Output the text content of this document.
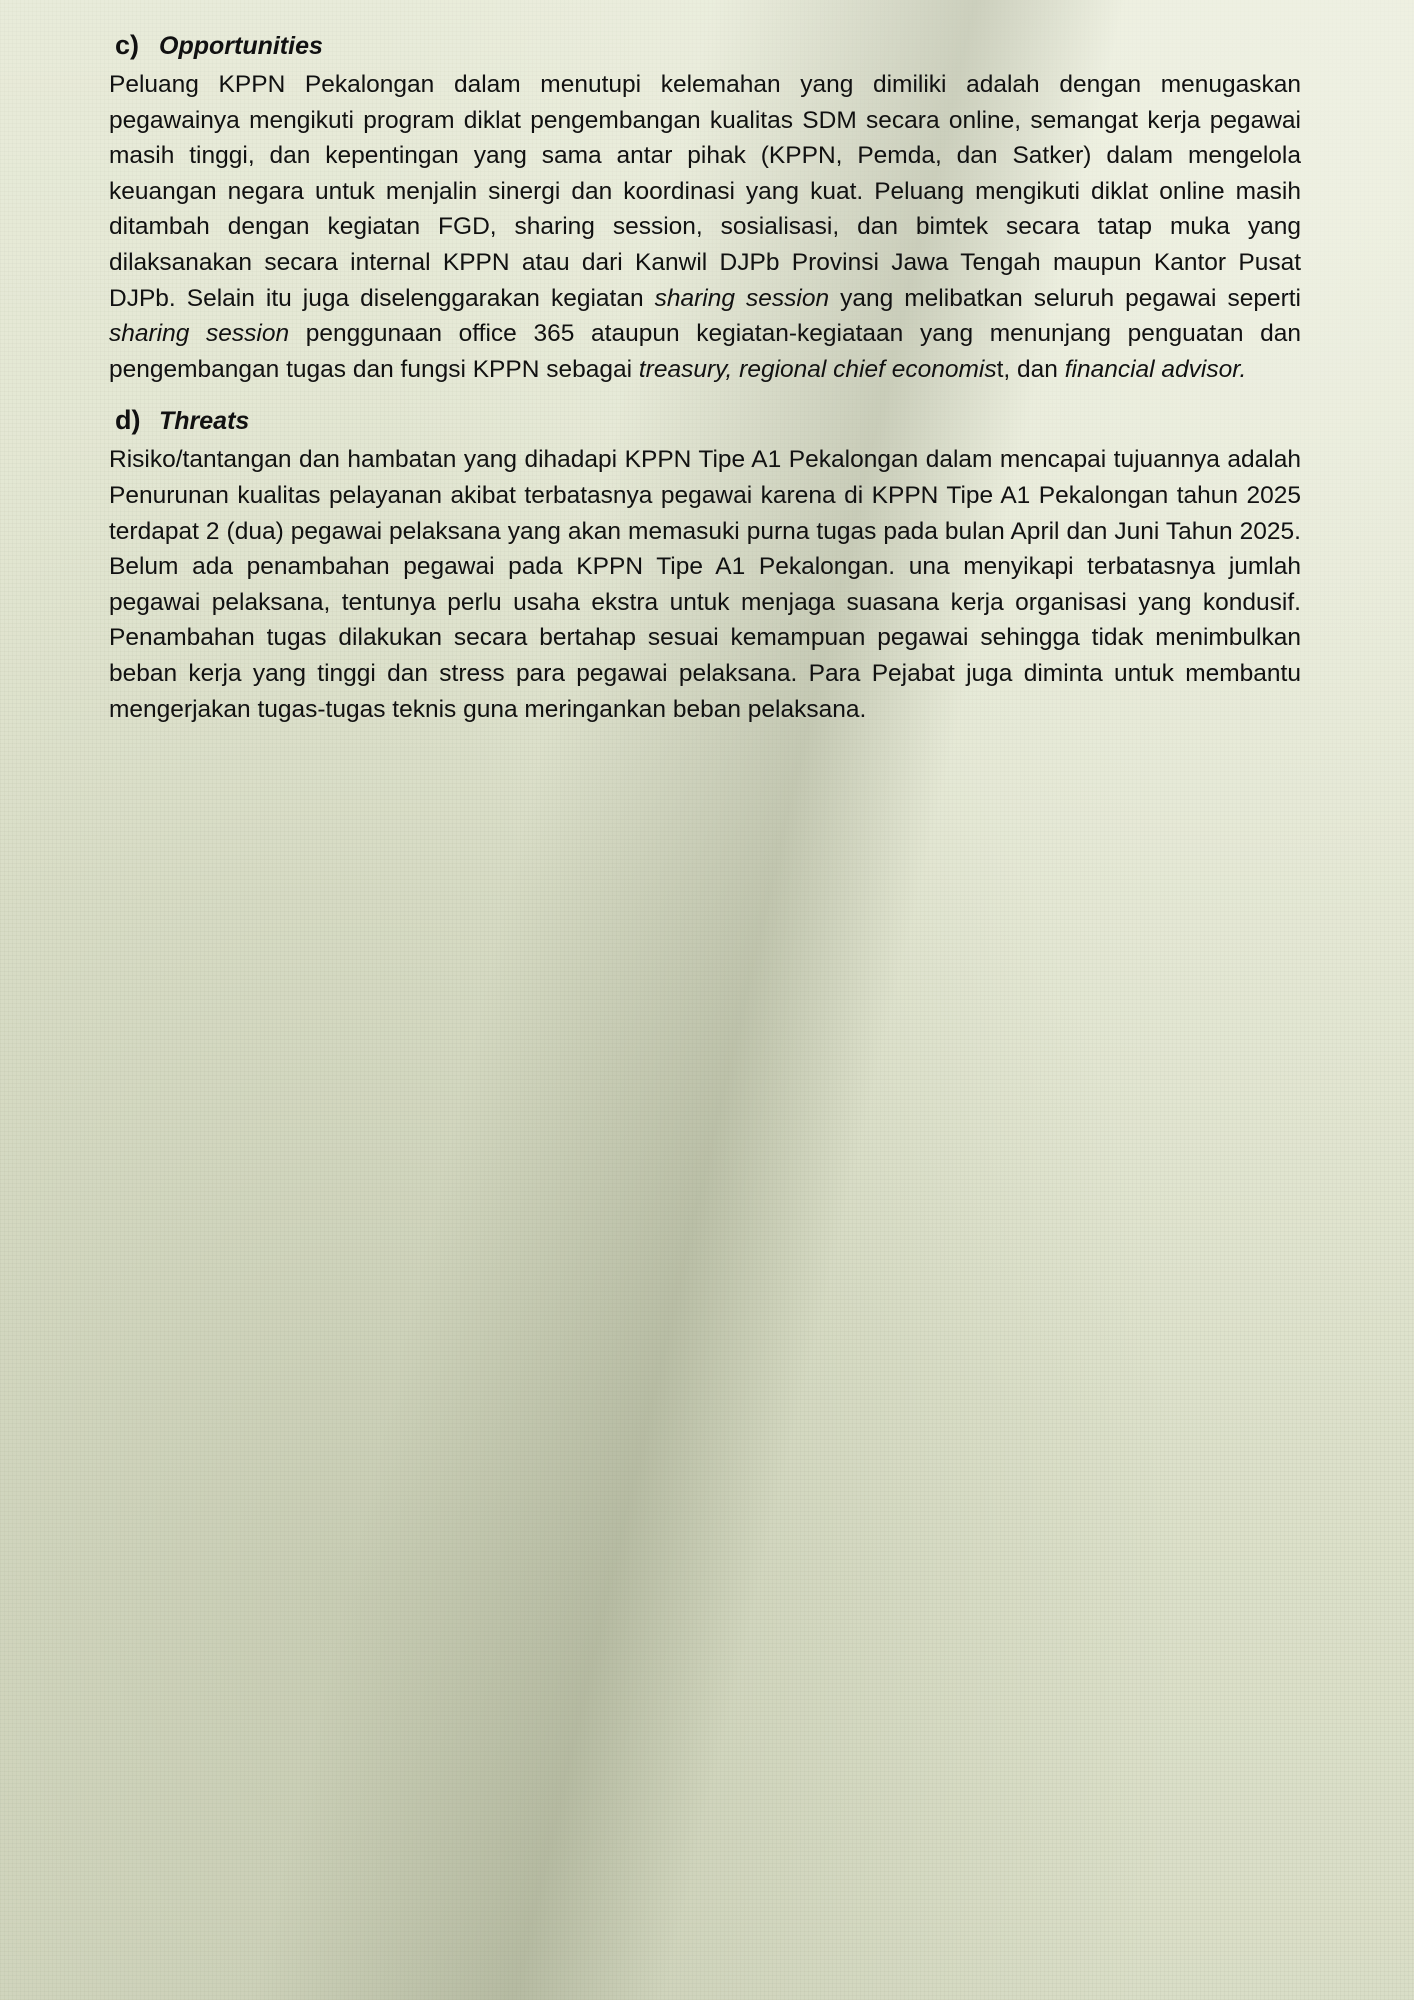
c) Opportunities

Peluang KPPN Pekalongan dalam menutupi kelemahan yang dimiliki adalah dengan menugaskan pegawainya mengikuti program diklat pengembangan kualitas SDM secara online, semangat kerja pegawai masih tinggi, dan kepentingan yang sama antar pihak (KPPN, Pemda, dan Satker) dalam mengelola keuangan negara untuk menjalin sinergi dan koordinasi yang kuat. Peluang mengikuti diklat online masih ditambah dengan kegiatan FGD, sharing session, sosialisasi, dan bimtek secara tatap muka yang dilaksanakan secara internal KPPN atau dari Kanwil DJPb Provinsi Jawa Tengah maupun Kantor Pusat DJPb. Selain itu juga diselenggarakan kegiatan sharing session yang melibatkan seluruh pegawai seperti sharing session penggunaan office 365 ataupun kegiatan-kegiataan yang menunjang penguatan dan pengembangan tugas dan fungsi KPPN sebagai treasury, regional chief economist, dan financial advisor.

d) Threats

Risiko/tantangan dan hambatan yang dihadapi KPPN Tipe A1 Pekalongan dalam mencapai tujuannya adalah Penurunan kualitas pelayanan akibat terbatasnya pegawai karena di KPPN Tipe A1 Pekalongan tahun 2025 terdapat 2 (dua) pegawai pelaksana yang akan memasuki purna tugas pada bulan April dan Juni Tahun 2025. Belum ada penambahan pegawai pada KPPN Tipe A1 Pekalongan. una menyikapi terbatasnya jumlah pegawai pelaksana, tentunya perlu usaha ekstra untuk menjaga suasana kerja organisasi yang kondusif. Penambahan tugas dilakukan secara bertahap sesuai kemampuan pegawai sehingga tidak menimbulkan beban kerja yang tinggi dan stress para pegawai pelaksana. Para Pejabat juga diminta untuk membantu mengerjakan tugas-tugas teknis guna meringankan beban pelaksana.
